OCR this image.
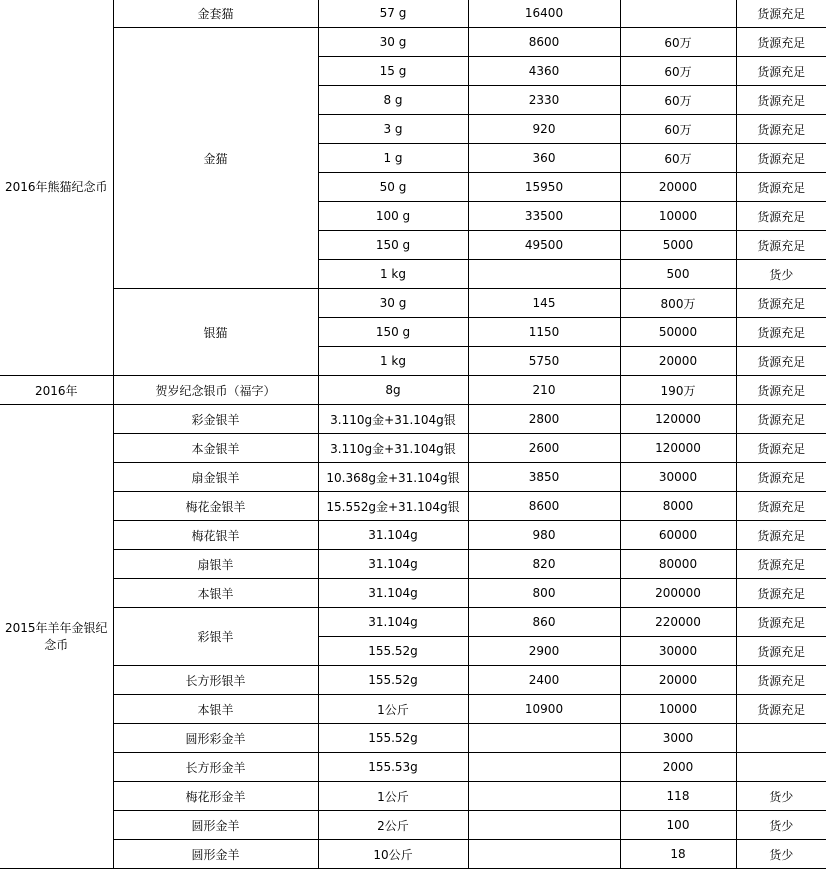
2016年熊猫纪念币	金套猫	57 g	16400		货源充足
	金猫	30 g	8600	60万	货源充足
		15 g	4360	60万	货源充足
		8 g	2330	60万	货源充足
		3 g	920	60万	货源充足
		1 g	360	60万	货源充足
		50 g	15950	20000	货源充足
		100 g	33500	10000	货源充足
		150 g	49500	5000	货源充足
		1 kg		500	货少
	银猫	30 g	145	800万	货源充足
		150 g	1150	50000	货源充足
		1 kg	5750	20000	货源充足
2016年	贺岁纪念银币（福字）	8g	210	190万	货源充足
2015年羊年金银纪念币	彩金银羊	3.110g金+31.104g银	2800	120000	货源充足
	本金银羊	3.110g金+31.104g银	2600	120000	货源充足
	扇金银羊	10.368g金+31.104g银	3850	30000	货源充足
	梅花金银羊	15.552g金+31.104g银	8600	8000	货源充足
	梅花银羊	31.104g	980	60000	货源充足
	扇银羊	31.104g	820	80000	货源充足
	本银羊	31.104g	800	200000	货源充足
	彩银羊	31.104g	860	220000	货源充足
		155.52g	2900	30000	货源充足
	长方形银羊	155.52g	2400	20000	货源充足
	本银羊	1公斤	10900	10000	货源充足
	圆形彩金羊	155.52g		3000	
	长方形金羊	155.53g		2000	
	梅花形金羊	1公斤		118	货少
	圆形金羊	2公斤		100	货少
	圆形金羊	10公斤		18	货少
